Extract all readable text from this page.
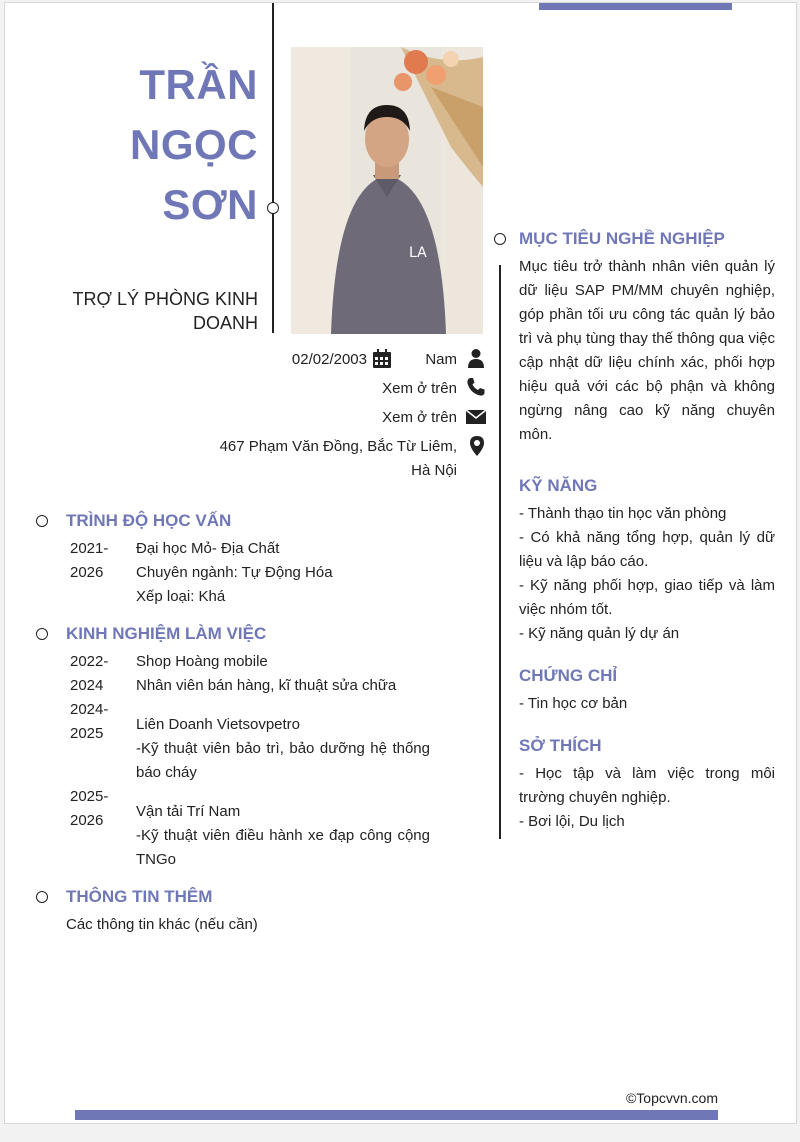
TRẦN
NGỌC
SƠN
TRỢ LÝ PHÒNG KINH DOANH
LA
02/02/2003	Nam
Xem ở trên
Xem ở trên
467 Phạm Văn Đồng, Bắc Từ Liêm,
Hà Nội
TRÌNH ĐỘ HỌC VẤN
2021-
2026
Đại học Mỏ- Địa Chất
Chuyên ngành: Tự Động Hóa
Xếp loại: Khá
KINH NGHIỆM LÀM VIỆC
2022-
2024
Shop Hoàng mobile
Nhân viên bán hàng, kĩ thuật sửa chữa
2024-
2025
Liên Doanh Vietsovpetro
-Kỹ thuật viên bảo trì, bảo dưỡng hệ thống báo cháy
2025-
2026
Vận tải Trí Nam
-Kỹ thuật viên điều hành xe đạp công cộng TNGo
THÔNG TIN THÊM
Các thông tin khác (nếu cần)
MỤC TIÊU NGHỀ NGHIỆP
Mục tiêu trở thành nhân viên quản lý dữ liệu SAP PM/MM chuyên nghiệp, góp phần tối ưu công tác quản lý bảo trì và phụ tùng thay thế thông qua việc cập nhật dữ liệu chính xác, phối hợp hiệu quả với các bộ phận và không ngừng nâng cao kỹ năng chuyên môn.
KỸ NĂNG
- Thành thạo tin học văn phòng
- Có khả năng tổng hợp, quản lý dữ liệu và lập báo cáo.
- Kỹ năng phối hợp, giao tiếp và làm việc nhóm tốt.
- Kỹ năng quản lý dự án
CHỨNG CHỈ
- Tin học cơ bản
SỞ THÍCH
- Học tập và làm việc trong môi trường chuyên nghiệp.
- Bơi lội, Du lịch
©Topcvvn.com
